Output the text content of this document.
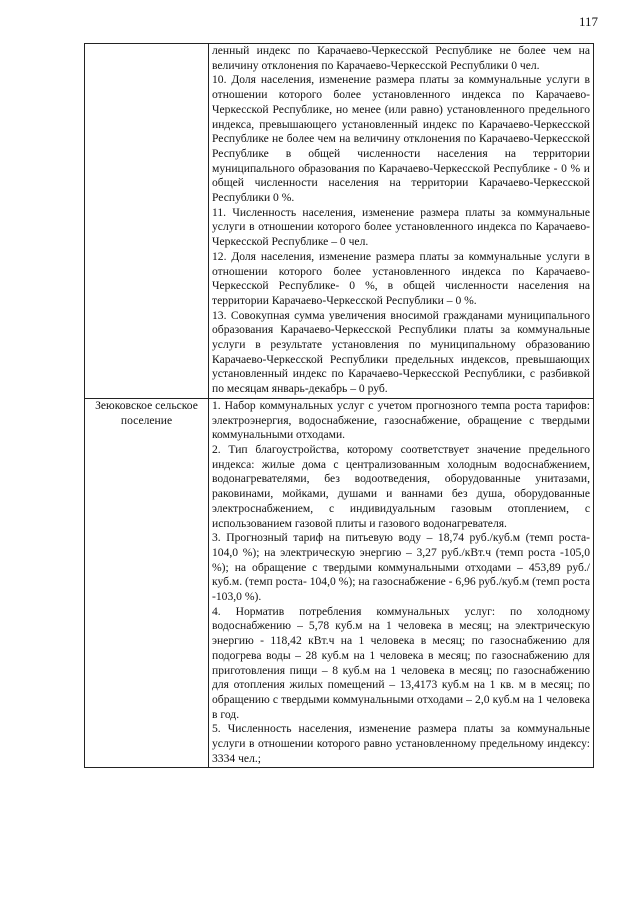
117

	ленный индекс по Карачаево-Черкесской Республике не более чем на величину отклонения по Карачаево-Черкесской Республики 0 чел.

10. Доля населения, изменение размера платы за коммунальные услуги в отношении которого более установленного индекса по Карачаево-Черкесской Республике, но менее (или равно) установленного предельного индекса, превышающего установленный индекс по Карачаево-Черкесской Республике не более чем на величину отклонения по Карачаево-Черкесской Республике в общей численности населения на территории муниципального образования по Карачаево-Черкесской Республике - 0 % и общей численности населения на территории Карачаево-Черкесской Республики 0 %.

11. Численность населения, изменение размера платы за коммунальные услуги в отношении которого более установленного индекса по Карачаево-Черкесской Республике – 0 чел.

12. Доля населения, изменение размера платы за коммунальные услуги в отношении которого более установленного индекса по Карачаево-Черкесской Республике- 0 %, в общей численности населения на территории Карачаево-Черкесской Республики – 0 %.

13. Совокупная сумма увеличения вносимой гражданами муниципального образования Карачаево-Черкесской Республики платы за коммунальные услуги в результате установления по муниципальному образованию Карачаево-Черкесской Республики предельных индексов, превышающих установленный индекс по Карачаево-Черкесской Республики, с разбивкой по месяцам январь-декабрь – 0 руб.

Зеюковское сельское поселение	1. Набор коммунальных услуг с учетом прогнозного темпа роста тарифов: электроэнергия, водоснабжение, газоснабжение, обращение с твердыми коммунальными отходами.

2. Тип благоустройства, которому соответствует значение предельного индекса: жилые дома с централизованным холодным водоснабжением, водонагревателями, без водоотведения, оборудованные унитазами, раковинами, мойками, душами и ваннами без душа, оборудованные электроснабжением, с индивидуальным газовым отоплением, с использованием газовой плиты и газового водонагревателя.

3. Прогнозный тариф на питьевую воду – 18,74 руб./куб.м (темп роста- 104,0 %); на электрическую энергию – 3,27 руб./кВт.ч (темп роста -105,0 %); на обращение с твердыми коммунальными отходами – 453,89 руб./куб.м. (темп роста- 104,0 %); на газоснабжение - 6,96 руб./куб.м (темп роста -103,0 %).

4. Норматив потребления коммунальных услуг: по холодному водоснабжению – 5,78 куб.м на 1 человека в месяц; на электрическую энергию - 118,42 кВт.ч на 1 человека в месяц; по газоснабжению для подогрева воды – 28 куб.м на 1 человека в месяц; по газоснабжению для приготовления пищи – 8 куб.м на 1 человека в месяц; по газоснабжению для отопления жилых помещений – 13,4173 куб.м на 1 кв. м в месяц; по обращению с твердыми коммунальными отходами – 2,0 куб.м на 1 человека в год.

5. Численность населения, изменение размера платы за коммунальные услуги в отношении которого равно установленному предельному индексу: 3334 чел.;
